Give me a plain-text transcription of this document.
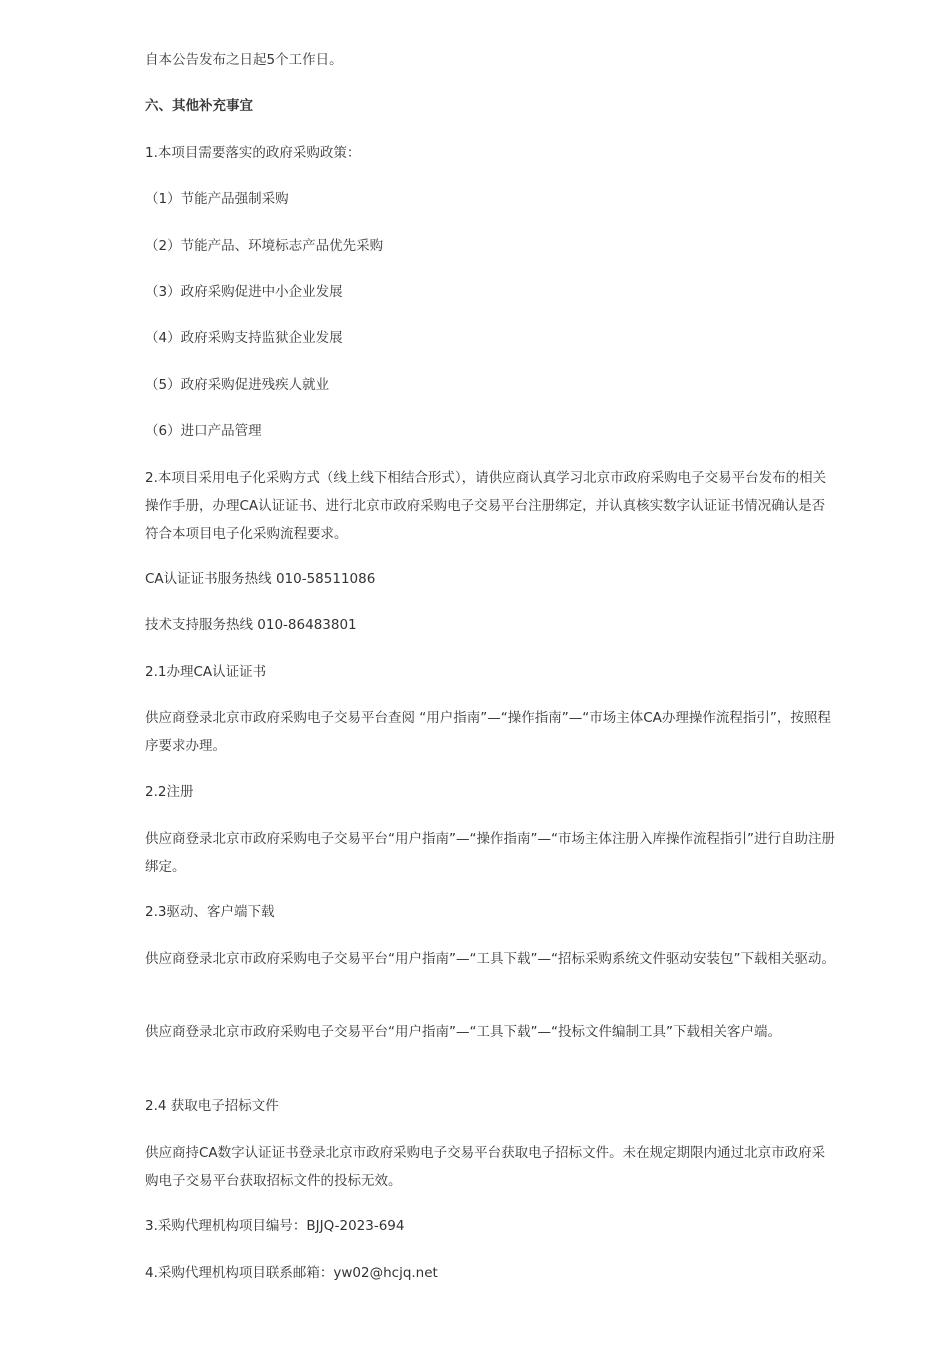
自本公告发布之日起5个工作日。
六、其他补充事宜
1.本项目需要落实的政府采购政策：
（1）节能产品强制采购
（2）节能产品、环境标志产品优先采购
（3）政府采购促进中小企业发展
（4）政府采购支持监狱企业发展
（5）政府采购促进残疾人就业
（6）进口产品管理
2.本项目采用电子化采购方式（线上线下相结合形式），请供应商认真学习北京市政府采购电子交易平台发布的相关操作手册，办理CA认证证书、进行北京市政府采购电子交易平台注册绑定，并认真核实数字认证证书情况确认是否符合本项目电子化采购流程要求。
CA认证证书服务热线 010-58511086
技术支持服务热线 010-86483801
2.1办理CA认证证书
供应商登录北京市政府采购电子交易平台查阅 “用户指南”—“操作指南”—“市场主体CA办理操作流程指引”，按照程序要求办理。
2.2注册
供应商登录北京市政府采购电子交易平台“用户指南”—“操作指南”—“市场主体注册入库操作流程指引”进行自助注册绑定。
2.3驱动、客户端下载
供应商登录北京市政府采购电子交易平台“用户指南”—“工具下载”—“招标采购系统文件驱动安装包”下载相关驱动。
供应商登录北京市政府采购电子交易平台“用户指南”—“工具下载”—“投标文件编制工具”下载相关客户端。
2.4 获取电子招标文件
供应商持CA数字认证证书登录北京市政府采购电子交易平台获取电子招标文件。未在规定期限内通过北京市政府采购电子交易平台获取招标文件的投标无效。
3.采购代理机构项目编号：BJJQ-2023-694
4.采购代理机构项目联系邮箱：yw02@hcjq.net
